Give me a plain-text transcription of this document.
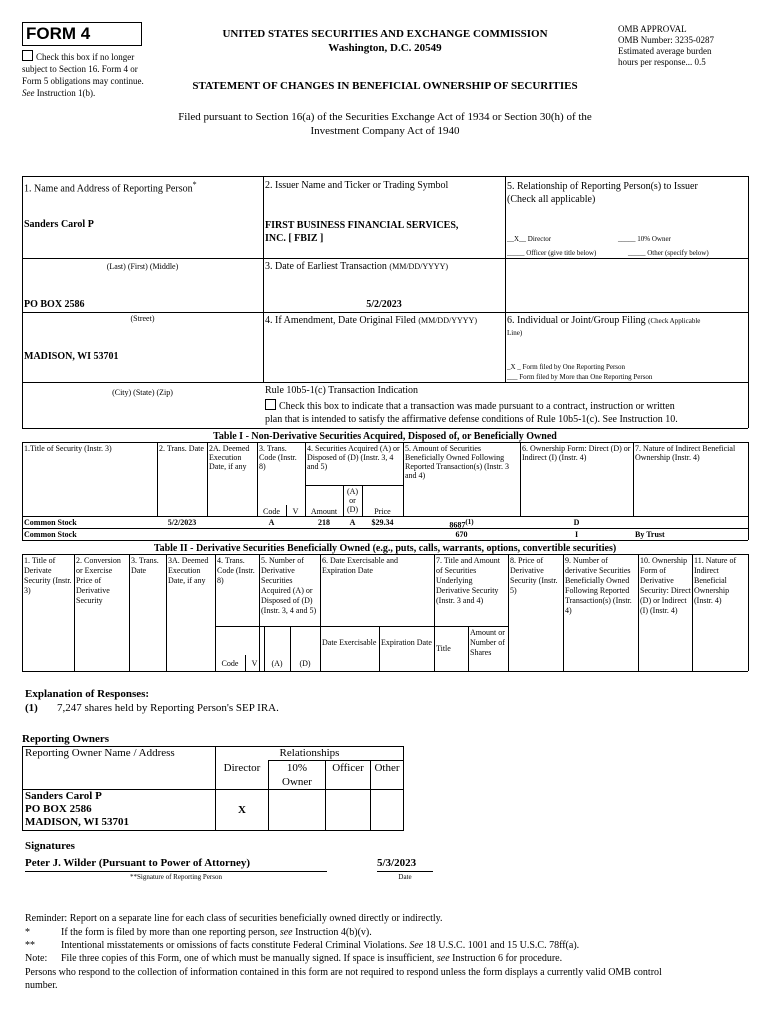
FORM 4
Check this box if no longer subject to Section 16. Form 4 or Form 5 obligations may continue. See Instruction 1(b).
UNITED STATES SECURITIES AND EXCHANGE COMMISSION
Washington, D.C. 20549
STATEMENT OF CHANGES IN BENEFICIAL OWNERSHIP OF SECURITIES
OMB APPROVAL
OMB Number: 3235-0287
Estimated average burden
hours per response... 0.5
Filed pursuant to Section 16(a) of the Securities Exchange Act of 1934 or Section 30(h) of the
Investment Company Act of 1940
1. Name and Address of Reporting Person*
Sanders Carol P
(Last) (First) (Middle)
PO BOX 2586
(Street)
MADISON, WI 53701
(City) (State) (Zip)
2. Issuer Name and Ticker or Trading Symbol
FIRST BUSINESS FINANCIAL SERVICES,
INC. [ FBIZ ]
3. Date of Earliest Transaction (MM/DD/YYYY)
5/2/2023
4. If Amendment, Date Original Filed (MM/DD/YYYY)
5. Relationship of Reporting Person(s) to Issuer
(Check all applicable)
__X__ Director	_____ 10% Owner
_____ Officer (give title below)	_____ Other (specify below)
6. Individual or Joint/Group Filing (Check Applicable
Line)
_X _ Form filed by One Reporting Person
___ Form filed by More than One Reporting Person
Rule 10b5-1(c) Transaction Indication
Check this box to indicate that a transaction was made pursuant to a contract, instruction or written
plan that is intended to satisfy the affirmative defense conditions of Rule 10b5-1(c). See Instruction 10.
Table I - Non-Derivative Securities Acquired, Disposed of, or Beneficially Owned
1.Title of Security (Instr. 3)	2. Trans. Date 2A. Deemed Execution Date, if any
3. Trans. Code (Instr. 8)
4. Securities Acquired (A) or Disposed of (D) (Instr. 3, 4 and 5)
5. Amount of Securities Beneficially Owned Following Reported Transaction(s) (Instr. 3 and 4)
6. Ownership Form: Direct (D) or Indirect (I) (Instr. 4)
7. Nature of Indirect Beneficial Ownership (Instr. 4)
Code	V	Amount
(A) or (D)	Price
Common Stock	5/2/2023	A	218	A	$29.34	8687$^{(1)}$	D
Common Stock	670	I	By Trust
Table II - Derivative Securities Beneficially Owned (e.g., puts, calls, warrants, options, convertible securities)
1. Title of Derivate Security (Instr. 3)
2. Conversion or Exercise Price of Derivative Security
3. Trans. Date
3A. Deemed Execution Date, if any
4. Trans. Code (Instr. 8)
5. Number of Derivative Securities Acquired (A) or Disposed of (D) (Instr. 3, 4 and 5)
6. Date Exercisable and Expiration Date
7. Title and Amount of Securities Underlying Derivative Security (Instr. 3 and 4)
8. Price of Derivative Security (Instr. 5)
9. Number of derivative Securities Beneficially Owned Following Reported Transaction(s) (Instr. 4)
10. Ownership Form of Derivative Security: Direct (D) or Indirect (I) (Instr. 4)
11. Nature of Indirect Beneficial Ownership (Instr. 4)
Code	V	(A)	(D)
Date Exercisable Expiration Date
Title
Amount or Number of Shares
Explanation of Responses:
(1) 7,247 shares held by Reporting Person's SEP IRA.
Reporting Owners
Reporting Owner Name / Address	Relationships			
	Director	10% Owner	Officer	Other

Sanders Carol P
PO BOX 2586
MADISON, WI 53701	X			
Signatures
Peter J. Wilder (Pursuant to Power of Attorney)	5/3/2023
**Signature of Reporting Person	Date
Reminder: Report on a separate line for each class of securities beneficially owned directly or indirectly.
*	If the form is filed by more than one reporting person, see Instruction 4(b)(v).
**	Intentional misstatements or omissions of facts constitute Federal Criminal Violations. See 18 U.S.C. 1001 and 15 U.S.C. 78ff(a).
Note: File three copies of this Form, one of which must be manually signed. If space is insufficient, see Instruction 6 for procedure.
Persons who respond to the collection of information contained in this form are not required to respond unless the form displays a currently valid OMB control
number.
